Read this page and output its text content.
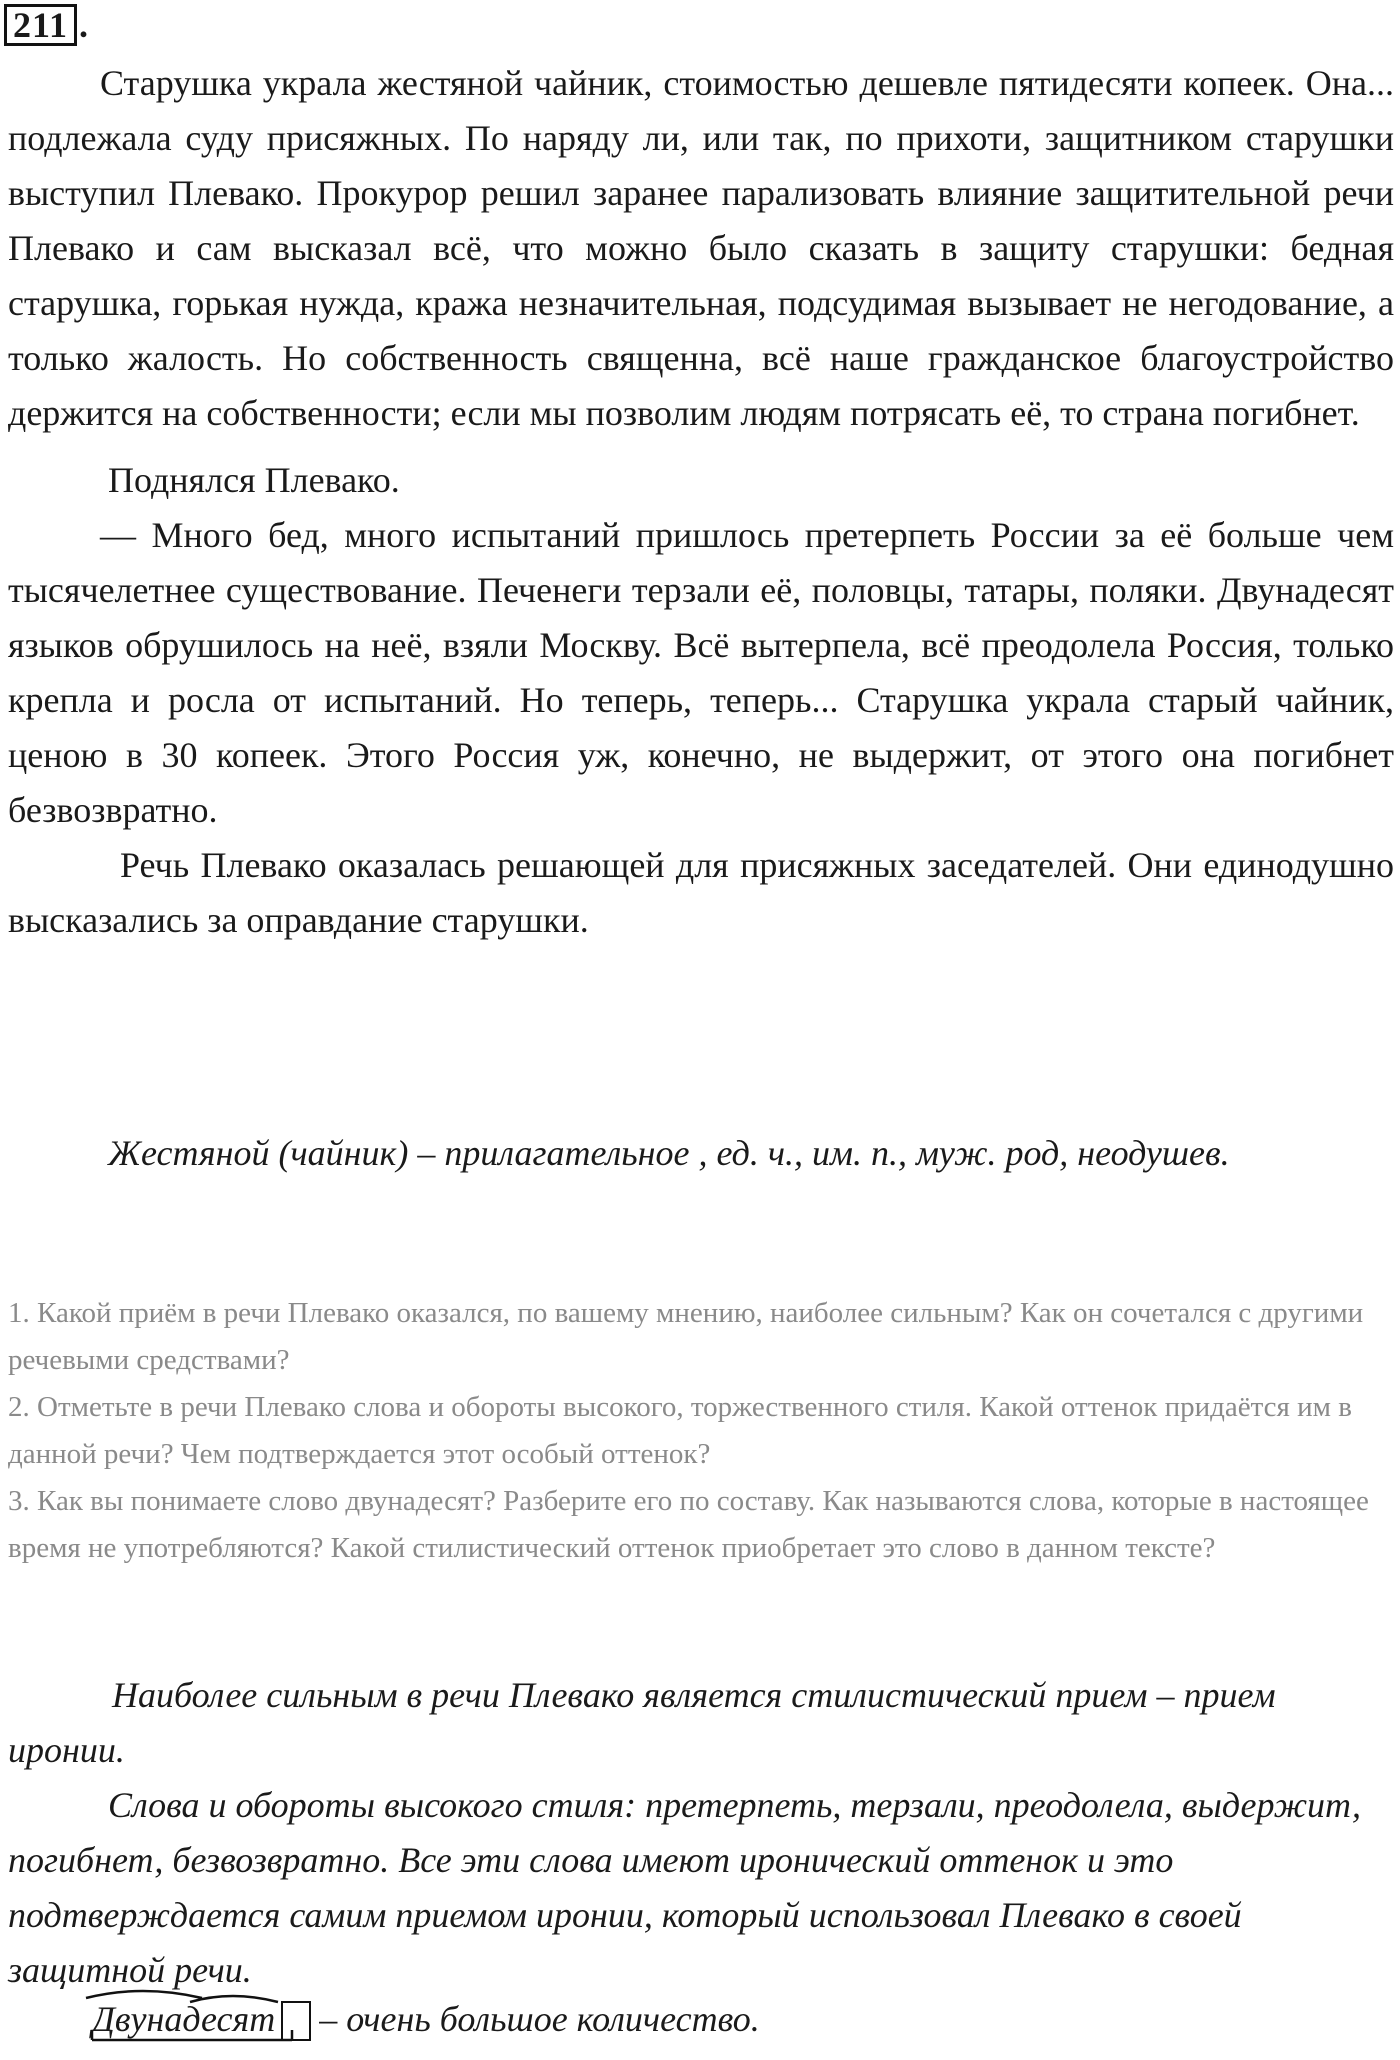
211 .

Старушка украла жестяной чайник, стоимостью дешевле пятидесяти копеек. Она... подлежала суду присяжных. По наряду ли, или так, по прихоти, защитником старушки выступил Плевако. Прокурор решил заранее парализовать влияние защитительной речи Плевако и сам высказал всё, что можно было сказать в защиту старушки: бедная старушка, горькая нужда, кража незначительная, подсудимая вызывает не негодование, а только жалость. Но собственность священна, всё наше гражданское благоустройство держится на собственности; если мы позволим людям потрясать её, то страна погибнет.

Поднялся Плевако.

— Много бед, много испытаний пришлось претерпеть России за её больше чем тысячелетнее существование. Печенеги терзали её, половцы, татары, поляки. Двунадесят языков обрушилось на неё, взяли Москву. Всё вытерпела, всё преодолела Россия, только крепла и росла от испытаний. Но теперь, теперь... Старушка украла старый чайник, ценою в 30 копеек. Этого Россия уж, конечно, не выдержит, от этого она погибнет безвозвратно.

Речь Плевако оказалась решающей для присяжных заседателей. Они единодушно высказались за оправдание старушки.

Жестяной (чайник) – прилагательное , ед. ч., им. п., муж. род, неодушев.

1. Какой приём в речи Плевако оказался, по вашему мнению, наиболее сильным? Как он сочетался с другими речевыми средствами?

2. Отметьте в речи Плевако слова и обороты высокого, торжественного стиля. Какой оттенок придаётся им в данной речи? Чем подтверждается этот особый оттенок?

3. Как вы понимаете слово двунадесят? Разберите его по составу. Как называются слова, которые в настоящее время не употребляются? Какой стилистический оттенок приобретает это слово в данном тексте?

Наиболее сильным в речи Плевако является стилистический прием – прием иронии.

Слова и обороты высокого стиля: претерпеть, терзали, преодолела, выдержит, погибнет, безвозвратно. Все эти слова имеют иронический оттенок и это подтверждается самим приемом иронии, который использовал Плевако в своей защитной речи.

Двунадесят – очень большое количество.
